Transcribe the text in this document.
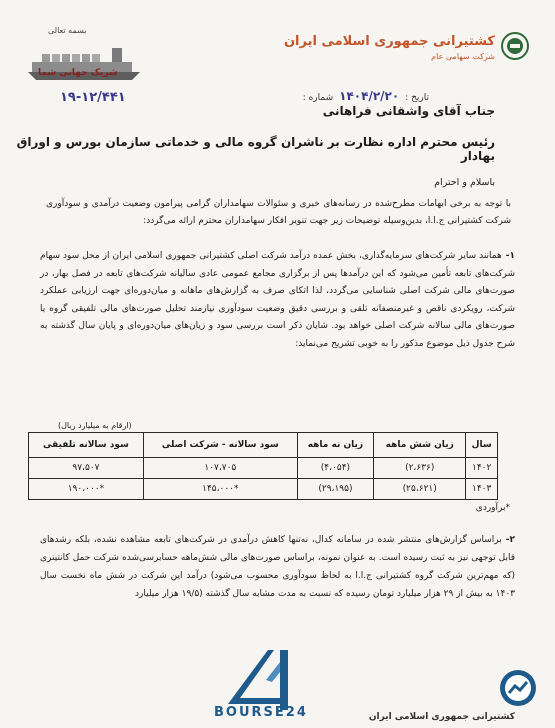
بسمه تعالی
شریک جهانی شما
کشتیرانی جمهوری اسلامی ایران
شرکت سهامی عام
تاریخ :
۱۴۰۴/۲/۲۰
شماره :
۱۹-۱۲/۴۴۱
جناب آقای واشقانی فراهانی
رئیس محترم اداره نظارت بر ناشران گروه مالی و خدماتی سازمان بورس و اوراق بهادار
باسلام و احترام
با توجه به برخی ابهامات مطرح‌شده در رسانه‌های خبری و سئوالات سهامداران گرامی پیرامون وضعیت درآمدی و سودآوری شرکت کشتیرانی ج.ا.ا، بدین‌وسیله توضیحات زیر جهت تنویر افکار سهامداران محترم ارائه می‌گردد:
۱-همانند سایر شرکت‌های سرمایه‌گذاری، بخش عمده درآمد شرکت اصلی کشتیرانی جمهوری اسلامی ایران از محل سود سهام شرکت‌های تابعه تأمین می‌شود که این درآمدها پس از برگزاری مجامع عمومی عادی سالیانه شرکت‌های تابعه در فصل بهار، در صورت‌های مالی شرکت اصلی شناسایی می‌گردد، لذا اتکای صرف به گزارش‌های ماهانه و میان‌دوره‌ای جهت ارزیابی عملکرد شرکت، رویکردی ناقص و غیرمنصفانه تلقی و بررسی دقیق وضعیت سودآوری نیازمند تحلیل صورت‌های مالی تلفیقی گروه یا صورت‌های مالی سالانه شرکت اصلی خواهد بود. شایان ذکر است بررسی سود و زیان‌های میان‌دوره‌ای و پایان سال گذشته به شرح جدول ذیل موضوع مذکور را به خوبی تشریح می‌نماید:
(ارقام به میلیارد ریال)
سال	زیان شش ماهه	زیان نه ماهه	سود سالانه - شرکت اصلی	سود سالانه تلفیقی
۱۴۰۲	(۲،۶۳۶)	(۴،۰۵۴)	۱۰۷،۷۰۵	۹۷،۵۰۷
۱۴۰۳	(۲۵،۶۲۱)	(۲۹،۱۹۵)	*۱۴۵،۰۰۰	*۱۹۰،۰۰۰
*برآوردی
۲-براساس گزارش‌های منتشر شده در سامانه کدال، نه‌تنها کاهش درآمدی در شرکت‌های تابعه مشاهده نشده، بلکه رشدهای قابل توجهی نیز به ثبت رسیده است. به عنوان نمونه، براساس صورت‌های مالی شش‌ماهه حسابرسی‌شده شرکت حمل کانتینری (که مهم‌ترین شرکت گروه کشتیرانی ج.ا.ا به لحاظ سودآوری محسوب می‌شود) درآمد این شرکت در شش ماه نخست سال ۱۴۰۳ به بیش از ۲۹ هزار میلیارد تومان رسیده که نسبت به مدت مشابه سال گذشته (۱۹/۵ هزار میلیارد
BOURSE24	کشتیرانی جمهوری اسلامی ایران
